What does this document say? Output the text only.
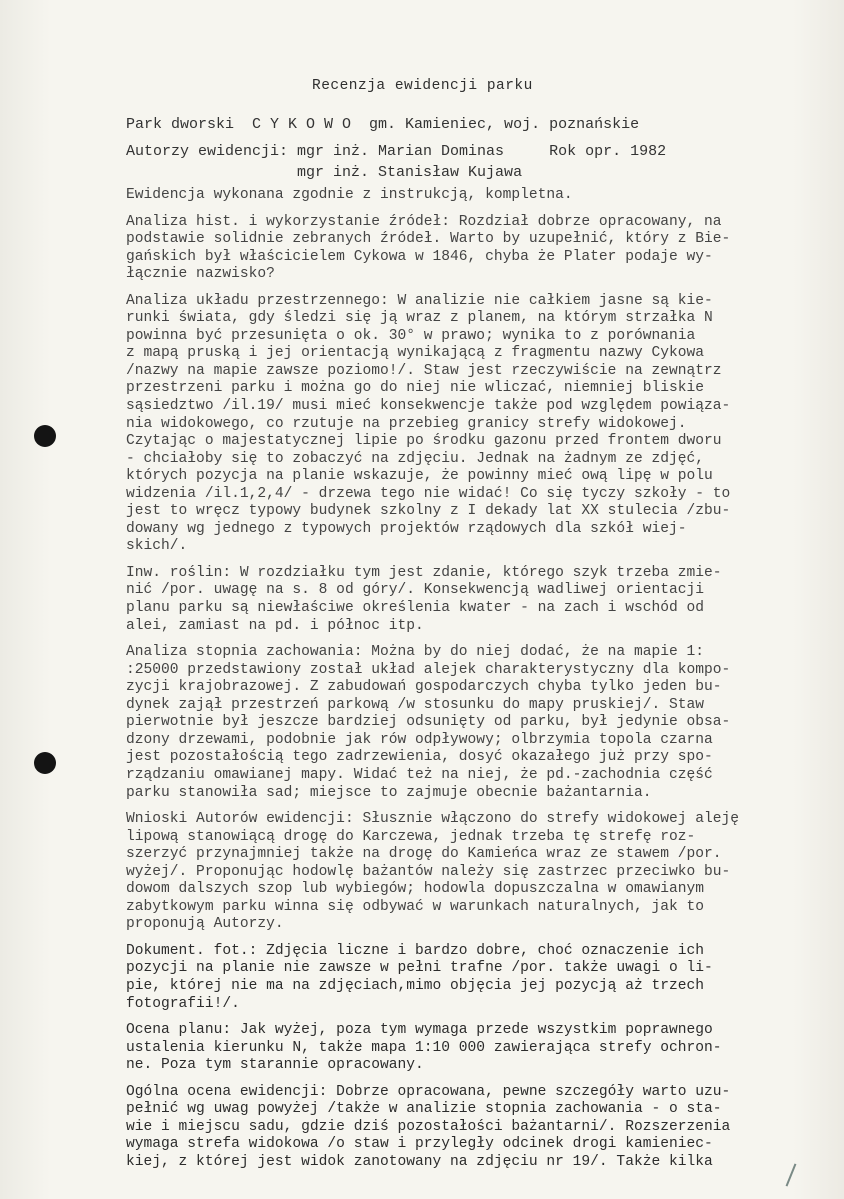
Recenzja ewidencji parku
Park dworski  C Y K O W O  gm. Kamieniec, woj. poznańskie
Autorzy ewidencji: mgr inż. Marian Dominas     Rok opr. 1982
mgr inż. Stanisław Kujawa
Ewidencja wykonana zgodnie z instrukcją, kompletna.
Analiza hist. i wykorzystanie źródeł: Rozdział dobrze opracowany, na
podstawie solidnie zebranych źródeł. Warto by uzupełnić, który z Bie-
gańskich był właścicielem Cykowa w 1846, chyba że Plater podaje wy-
łącznie nazwisko?
Analiza układu przestrzennego: W analizie nie całkiem jasne są kie-
runki świata, gdy śledzi się ją wraz z planem, na którym strzałka N
powinna być przesunięta o ok. 30° w prawo; wynika to z porównania
z mapą pruską i jej orientacją wynikającą z fragmentu nazwy Cykowa
/nazwy na mapie zawsze poziomo!/. Staw jest rzeczywiście na zewnątrz
przestrzeni parku i można go do niej nie wliczać, niemniej bliskie
sąsiedztwo /il.19/ musi mieć konsekwencje także pod względem powiąza-
nia widokowego, co rzutuje na przebieg granicy strefy widokowej.
Czytając o majestatycznej lipie po środku gazonu przed frontem dworu
- chciałoby się to zobaczyć na zdjęciu. Jednak na żadnym ze zdjęć,
których pozycja na planie wskazuje, że powinny mieć ową lipę w polu
widzenia /il.1,2,4/ - drzewa tego nie widać! Co się tyczy szkoły - to
jest to wręcz typowy budynek szkolny z I dekady lat XX stulecia /zbu-
dowany wg jednego z typowych projektów rządowych dla szkół wiej-
skich/.
Inw. roślin: W rozdziałku tym jest zdanie, którego szyk trzeba zmie-
nić /por. uwagę na s. 8 od góry/. Konsekwencją wadliwej orientacji
planu parku są niewłaściwe określenia kwater - na zach i wschód od
alei, zamiast na pd. i północ itp.
Analiza stopnia zachowania: Można by do niej dodać, że na mapie 1:
:25000 przedstawiony został układ alejek charakterystyczny dla kompo-
zycji krajobrazowej. Z zabudowań gospodarczych chyba tylko jeden bu-
dynek zajął przestrzeń parkową /w stosunku do mapy pruskiej/. Staw
pierwotnie był jeszcze bardziej odsunięty od parku, był jedynie obsa-
dzony drzewami, podobnie jak rów odpływowy; olbrzymia topola czarna
jest pozostałością tego zadrzewienia, dosyć okazałego już przy spo-
rządzaniu omawianej mapy. Widać też na niej, że pd.-zachodnia część
parku stanowiła sad; miejsce to zajmuje obecnie bażantarnia.
Wnioski Autorów ewidencji: Słusznie włączono do strefy widokowej aleję
lipową stanowiącą drogę do Karczewa, jednak trzeba tę strefę roz-
szerzyć przynajmniej także na drogę do Kamieńca wraz ze stawem /por.
wyżej/. Proponując hodowlę bażantów należy się zastrzec przeciwko bu-
dowom dalszych szop lub wybiegów; hodowla dopuszczalna w omawianym
zabytkowym parku winna się odbywać w warunkach naturalnych, jak to
proponują Autorzy.
Dokument. fot.: Zdjęcia liczne i bardzo dobre, choć oznaczenie ich
pozycji na planie nie zawsze w pełni trafne /por. także uwagi o li-
pie, której nie ma na zdjęciach,mimo objęcia jej pozycją aż trzech
fotografii!/.
Ocena planu: Jak wyżej, poza tym wymaga przede wszystkim poprawnego
ustalenia kierunku N, także mapa 1:10 000 zawierająca strefy ochron-
ne. Poza tym starannie opracowany.
Ogólna ocena ewidencji: Dobrze opracowana, pewne szczegóły warto uzu-
pełnić wg uwag powyżej /także w analizie stopnia zachowania - o sta-
wie i miejscu sadu, gdzie dziś pozostałości bażantarni/. Rozszerzenia
wymaga strefa widokowa /o staw i przyległy odcinek drogi kamieniec-
kiej, z której jest widok zanotowany na zdjęciu nr 19/. Także kilka
